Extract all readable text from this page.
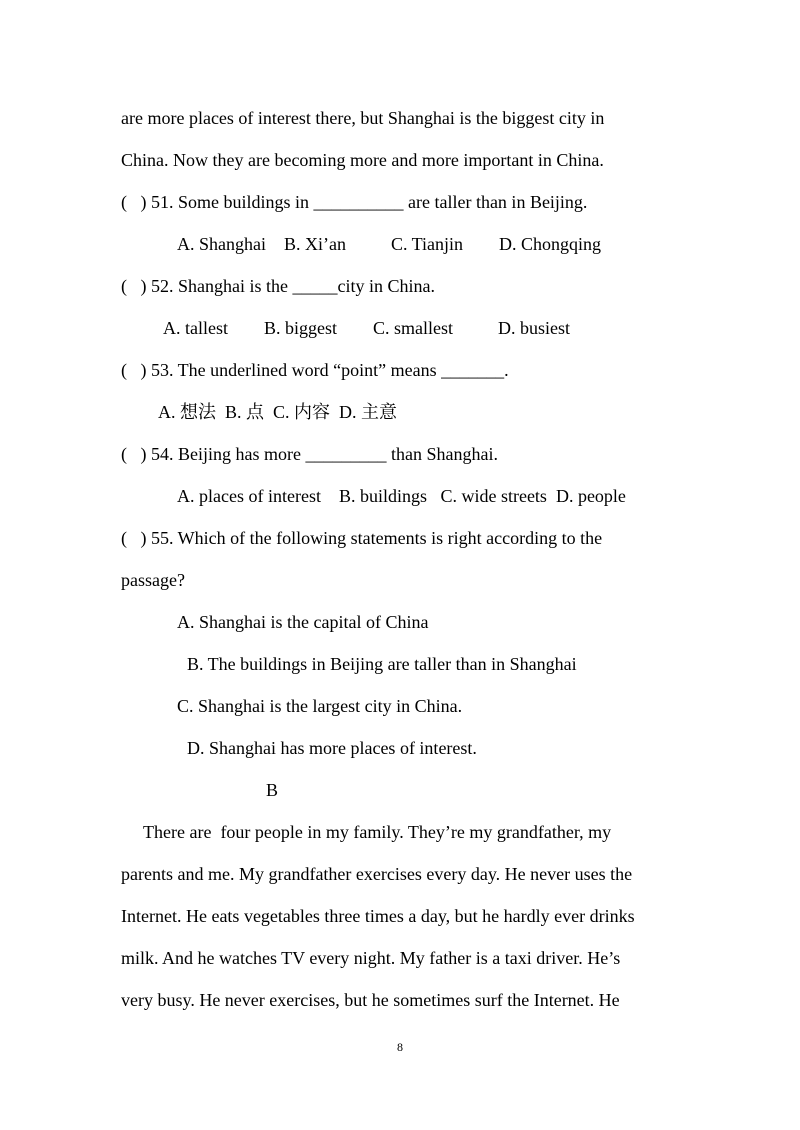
are more places of interest there, but Shanghai is the biggest city in

China. Now they are becoming more and more important in China.

(   ) 51. Some buildings in __________ are taller than in Beijing.

A. Shanghai    B. Xi’an          C. Tianjin        D. Chongqing

(   ) 52. Shanghai is the _____city in China.

A. tallest        B. biggest        C. smallest          D. busiest

(   ) 53. The underlined word “point” means _______.

A. 想法  B. 点  C. 内容  D. 主意

(   ) 54. Beijing has more _________ than Shanghai.

A. places of interest    B. buildings   C. wide streets  D. people

(   ) 55. Which of the following statements is right according to the

passage?

A. Shanghai is the capital of China

B. The buildings in Beijing are taller than in Shanghai

C. Shanghai is the largest city in China.

D. Shanghai has more places of interest.

B

There are  four people in my family. They’re my grandfather, my

parents and me. My grandfather exercises every day. He never uses the

Internet. He eats vegetables three times a day, but he hardly ever drinks

milk. And he watches TV every night. My father is a taxi driver. He’s

very busy. He never exercises, but he sometimes surf the Internet. He

8
